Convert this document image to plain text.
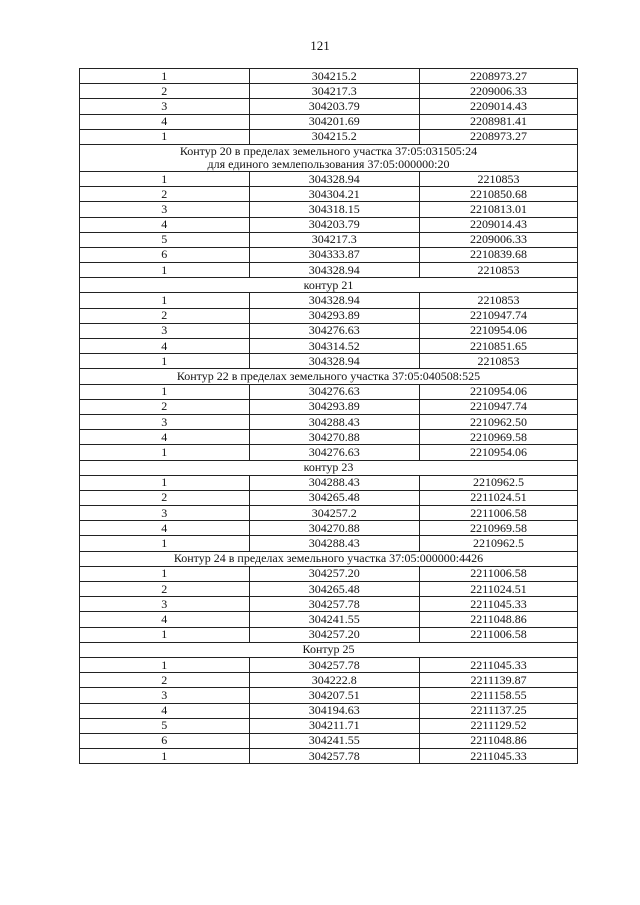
121
1	304215.2	2208973.27
2	304217.3	2209006.33
3	304203.79	2209014.43
4	304201.69	2208981.41
1	304215.2	2208973.27

Контур 20 в пределах земельного участка 37:05:031505:24
для единого землепользования 37:05:000000:20		

1	304328.94	2210853
2	304304.21	2210850.68
3	304318.15	2210813.01
4	304203.79	2209014.43
5	304217.3	2209006.33
6	304333.87	2210839.68
1	304328.94	2210853

контур 21		

1	304328.94	2210853
2	304293.89	2210947.74
3	304276.63	2210954.06
4	304314.52	2210851.65
1	304328.94	2210853

Контур 22 в пределах земельного участка 37:05:040508:525		

1	304276.63	2210954.06
2	304293.89	2210947.74
3	304288.43	2210962.50
4	304270.88	2210969.58
1	304276.63	2210954.06

контур 23		

1	304288.43	2210962.5
2	304265.48	2211024.51
3	304257.2	2211006.58
4	304270.88	2210969.58
1	304288.43	2210962.5

Контур 24 в пределах земельного участка 37:05:000000:4426		

1	304257.20	2211006.58
2	304265.48	2211024.51
3	304257.78	2211045.33
4	304241.55	2211048.86
1	304257.20	2211006.58

Контур 25		

1	304257.78	2211045.33
2	304222.8	2211139.87
3	304207.51	2211158.55
4	304194.63	2211137.25
5	304211.71	2211129.52
6	304241.55	2211048.86
1	304257.78	2211045.33
